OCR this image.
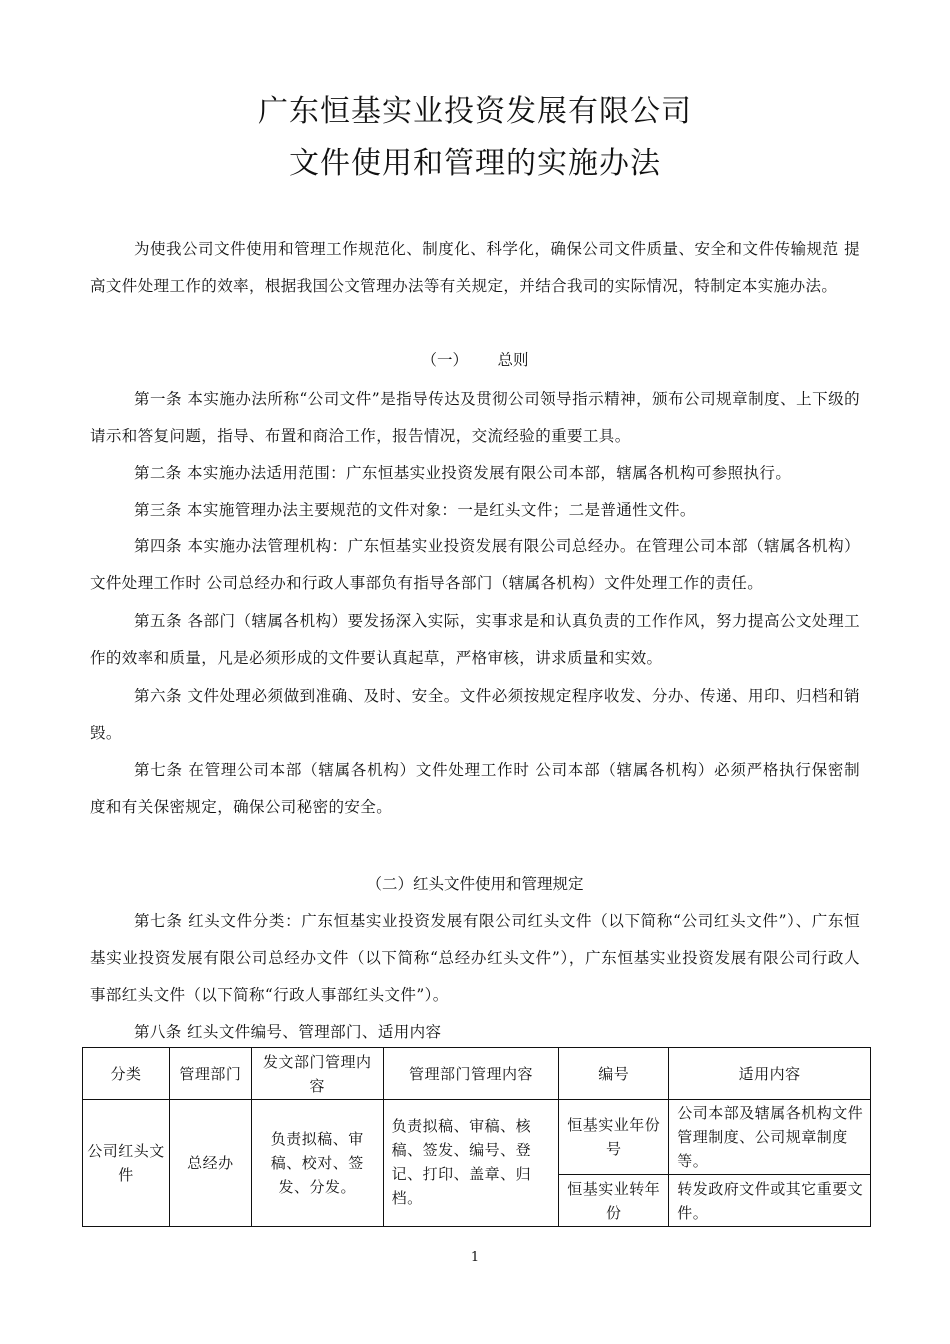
广东恒基实业投资发展有限公司
文件使用和管理的实施办法

为使我公司文件使用和管理工作规范化、制度化、科学化，确保公司文件质量、安全和文件传输规范 提高文件处理工作的效率，根据我国公文管理办法等有关规定，并结合我司的实际情况，特制定本实施办法。

（一）      总则

第一条 本实施办法所称“公司文件”是指导传达及贯彻公司领导指示精神，颁布公司规章制度、上下级的请示和答复问题，指导、布置和商洽工作，报告情况，交流经验的重要工具。

第二条 本实施办法适用范围：广东恒基实业投资发展有限公司本部，辖属各机构可参照执行。

第三条 本实施管理办法主要规范的文件对象：一是红头文件；二是普通性文件。

第四条 本实施办法管理机构：广东恒基实业投资发展有限公司总经办。在管理公司本部（辖属各机构）文件处理工作时 公司总经办和行政人事部负有指导各部门（辖属各机构）文件处理工作的责任。

第五条 各部门（辖属各机构）要发扬深入实际，实事求是和认真负责的工作作风，努力提高公文处理工作的效率和质量，凡是必须形成的文件要认真起草，严格审核，讲求质量和实效。

第六条 文件处理必须做到准确、及时、安全。文件必须按规定程序收发、分办、传递、用印、归档和销毁。

第七条 在管理公司本部（辖属各机构）文件处理工作时 公司本部（辖属各机构）必须严格执行保密制度和有关保密规定，确保公司秘密的安全。

（二）红头文件使用和管理规定

第七条 红头文件分类：广东恒基实业投资发展有限公司红头文件（以下简称“公司红头文件”）、广东恒基实业投资发展有限公司总经办文件（以下简称“总经办红头文件”），广东恒基实业投资发展有限公司行政人事部红头文件（以下简称“行政人事部红头文件”）。

第八条 红头文件编号、管理部门、适用内容

分类	管理部门	发文部门管理内容	管理部门管理内容	编号	适用内容
公司红头文件	总经办	负责拟稿、审稿、校对、签发、分发。	负责拟稿、审稿、核稿、签发、编号、登记、打印、盖章、归档。	恒基实业年份号	公司本部及辖属各机构文件管理制度、公司规章制度等。
				恒基实业转年份	转发政府文件或其它重要文件。
1
